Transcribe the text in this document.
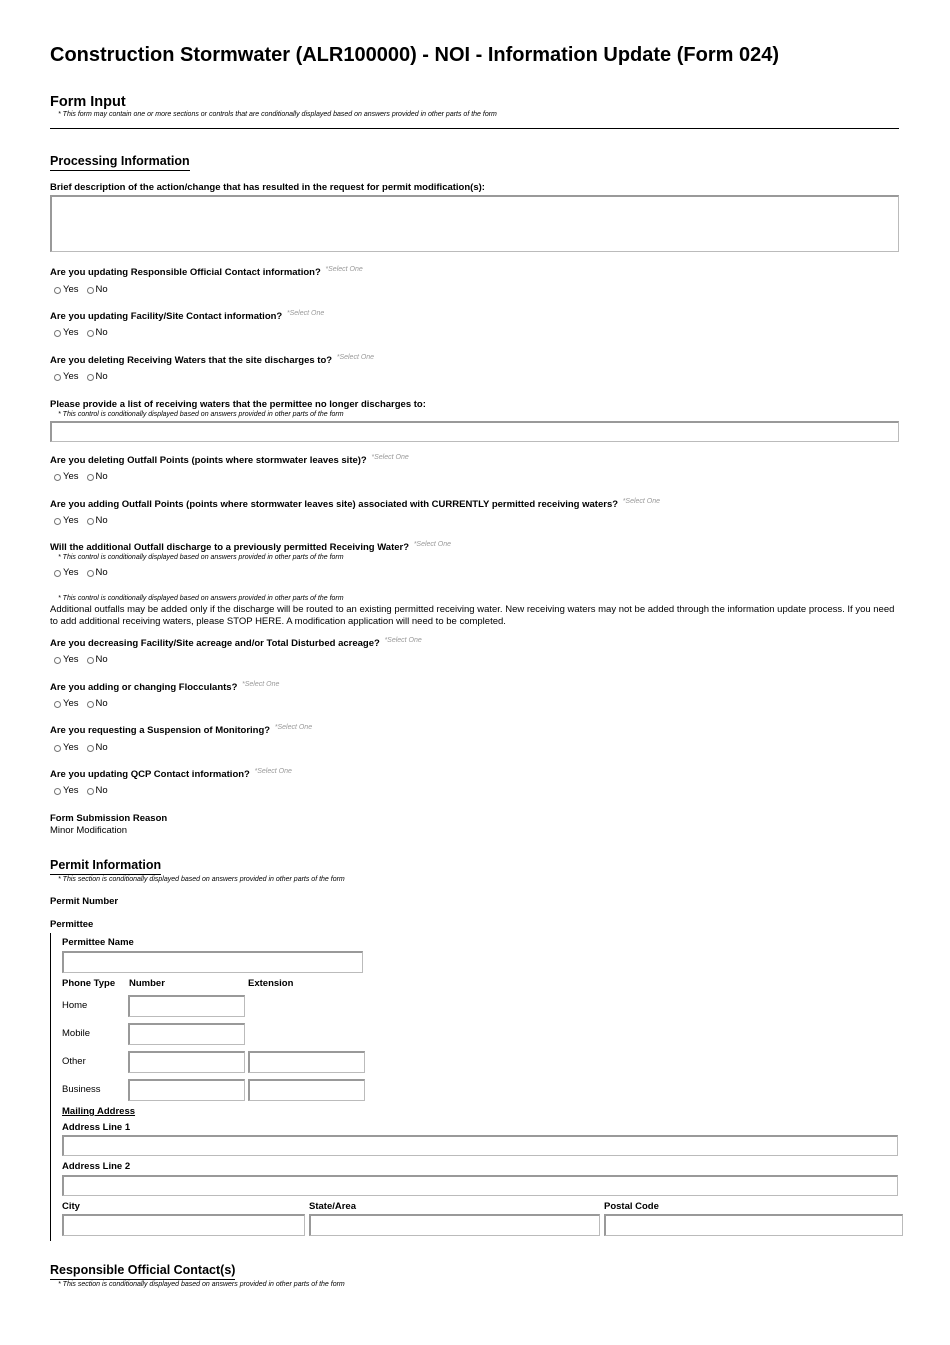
Construction Stormwater (ALR100000) - NOI - Information Update (Form 024)
Form Input
* This form may contain one or more sections or controls that are conditionally displayed based on answers provided in other parts of the form
Processing Information
Brief description of the action/change that has resulted in the request for permit modification(s):
Are you updating Responsible Official Contact information? $^{*Select One}$
Yes No
Are you updating Facility/Site Contact information? $^{*Select One}$
Yes No
Are you deleting Receiving Waters that the site discharges to? $^{*Select One}$
Yes No
Please provide a list of receiving waters that the permittee no longer discharges to:
* This control is conditionally displayed based on answers provided in other parts of the form
Are you deleting Outfall Points (points where stormwater leaves site)? $^{*Select One}$
Yes No
Are you adding Outfall Points (points where stormwater leaves site) associated with CURRENTLY permitted receiving waters? $^{*Select One}$
Yes No
Will the additional Outfall discharge to a previously permitted Receiving Water? $^{*Select One}$
* This control is conditionally displayed based on answers provided in other parts of the form
Yes No
* This control is conditionally displayed based on answers provided in other parts of the form
Additional outfalls may be added only if the discharge will be routed to an existing permitted receiving water. New receiving waters may not be added through the information update process. If you need to add additional receiving waters, please STOP HERE. A modification application will need to be completed.
Are you decreasing Facility/Site acreage and/or Total Disturbed acreage? $^{*Select One}$
Yes No
Are you adding or changing Flocculants? $^{*Select One}$
Yes No
Are you requesting a Suspension of Monitoring? $^{*Select One}$
Yes No
Are you updating QCP Contact information? $^{*Select One}$
Yes No
Form Submission Reason
Minor Modification
Permit Information
* This section is conditionally displayed based on answers provided in other parts of the form
Permit Number
Permittee
Permittee Name
Phone Type Number	Extension
Home
Mobile
Other
Business
Mailing Address
Address Line 1
Address Line 2
City	State/Area	Postal Code
Responsible Official Contact(s)
* This section is conditionally displayed based on answers provided in other parts of the form
